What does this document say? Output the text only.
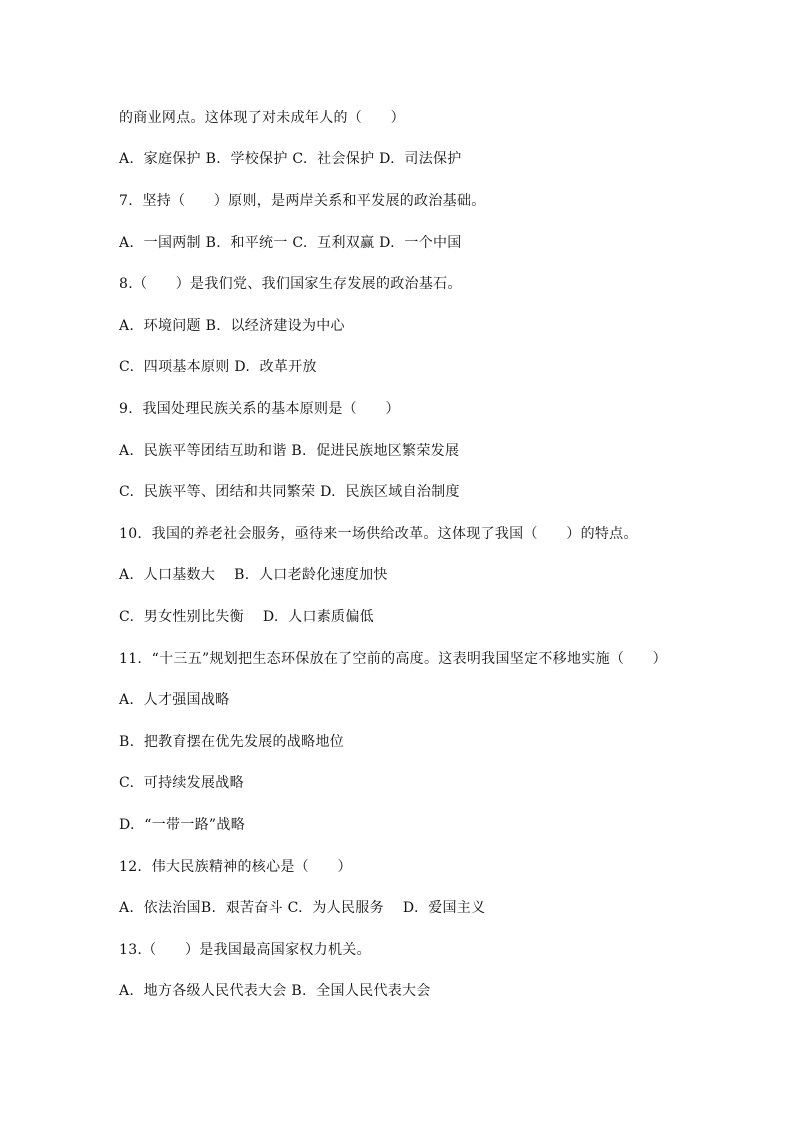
的商业网点。这体现了对未成年人的（      ）
A.  家庭保护 B.  学校保护 C.  社会保护 D.  司法保护
7.  坚持（      ）原则，是两岸关系和平发展的政治基础。
A.  一国两制 B.  和平统一 C.  互利双赢 D.  一个中国
8.（      ）是我们党、我们国家生存发展的政治基石。
A.  环境问题 B.  以经济建设为中心
C.  四项基本原则 D.  改革开放
9.  我国处理民族关系的基本原则是（      ）
A.  民族平等团结互助和谐 B.  促进民族地区繁荣发展
C.  民族平等、团结和共同繁荣 D.  民族区域自治制度
10.  我国的养老社会服务，亟待来一场供给改革。这体现了我国（      ）的特点。
A.  人口基数大    B.  人口老龄化速度加快
C.  男女性别比失衡    D.  人口素质偏低
11.  “十三五”规划把生态环保放在了空前的高度。这表明我国坚定不移地实施（      ）
A.  人才强国战略
B.  把教育摆在优先发展的战略地位
C.  可持续发展战略
D.  “一带一路”战略
12.  伟大民族精神的核心是（      ）
A.  依法治国B.  艰苦奋斗 C.  为人民服务    D.  爱国主义
13.（      ）是我国最高国家权力机关。
A.  地方各级人民代表大会 B.  全国人民代表大会
